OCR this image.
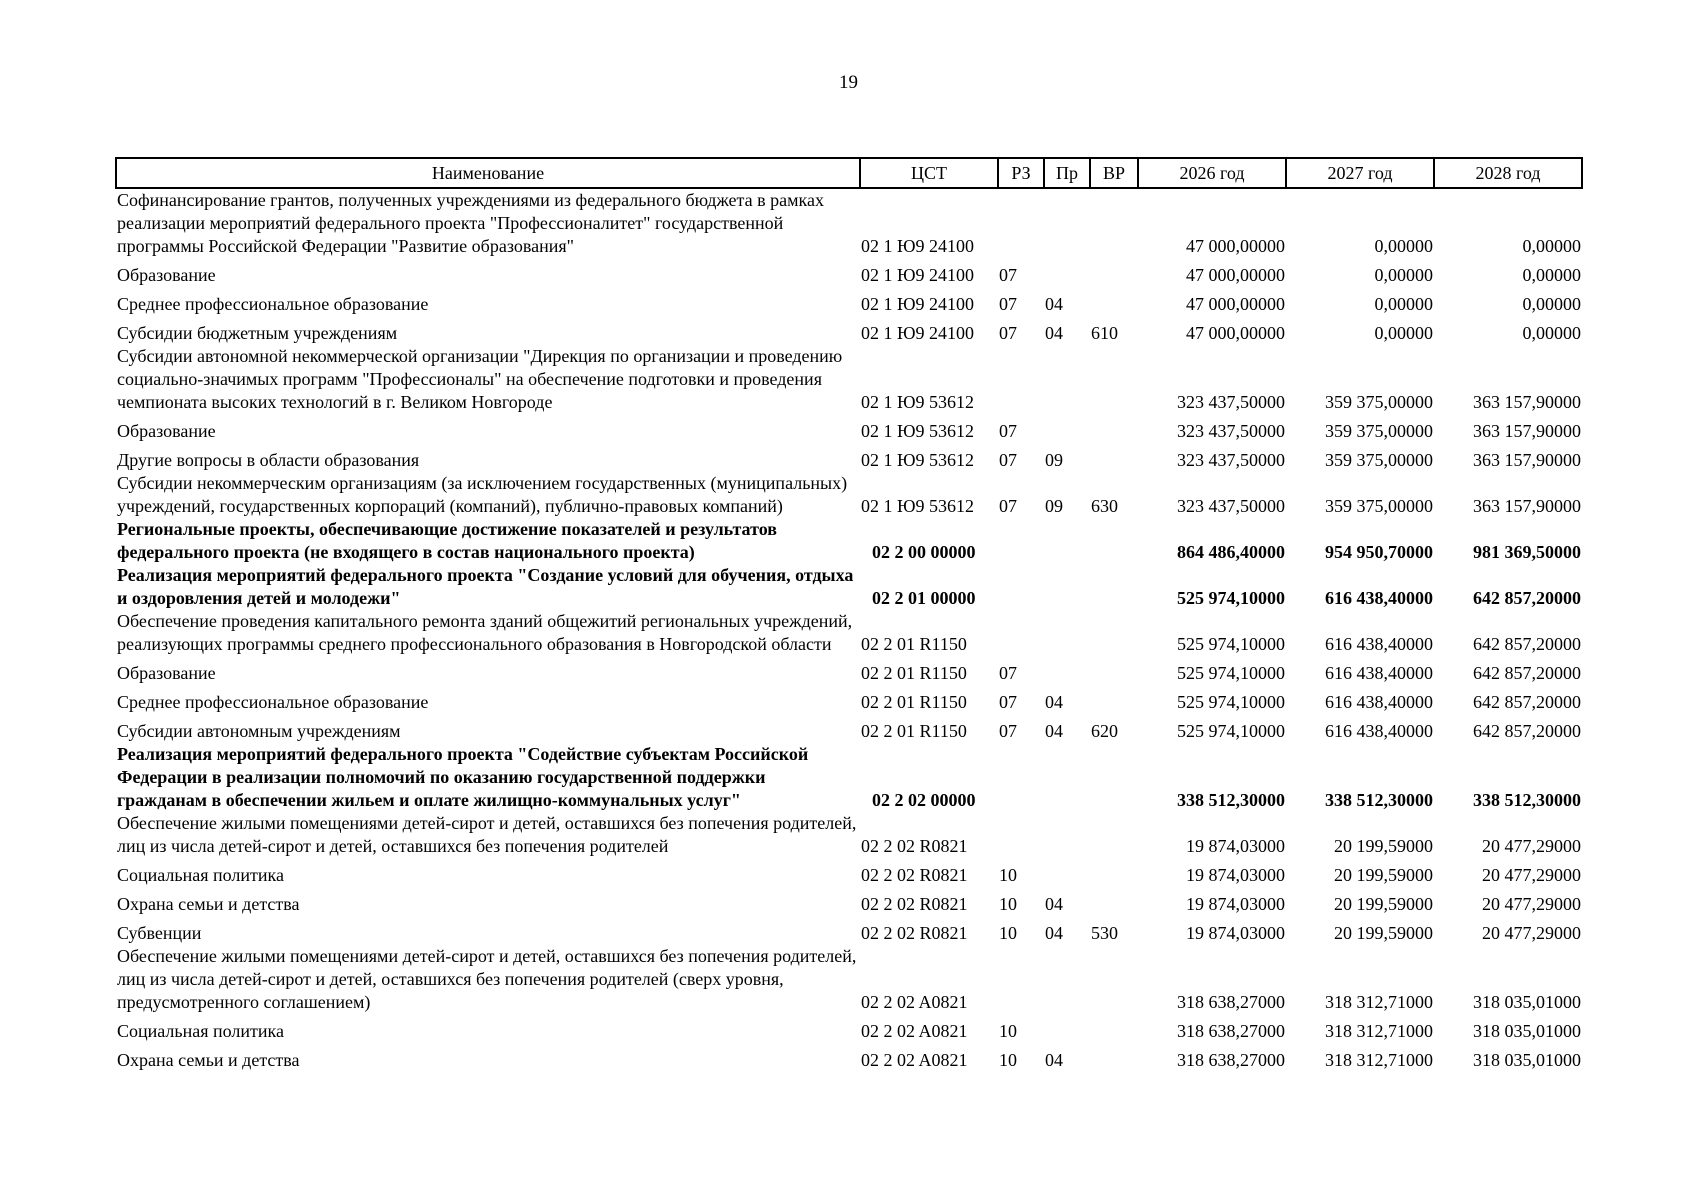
19
Наименование	ЦСТ	РЗ	Пр	ВР	2026 год	2027 год	2028 год
Софинансирование грантов, полученных учреждениями из федерального бюджета в рамках реализации мероприятий федерального проекта "Профессионалитет" государственной программы Российской Федерации "Развитие образования"	02 1 Ю9 24100				47 000,00000	0,00000	0,00000
Образование	02 1 Ю9 24100	07			47 000,00000	0,00000	0,00000
Среднее профессиональное образование	02 1 Ю9 24100	07	04		47 000,00000	0,00000	0,00000
Субсидии бюджетным учреждениям	02 1 Ю9 24100	07	04	610	47 000,00000	0,00000	0,00000
Субсидии автономной некоммерческой организации "Дирекция по организации и проведению социально-значимых программ "Профессионалы" на обеспечение подготовки и проведения чемпионата высоких технологий в г. Великом Новгороде	02 1 Ю9 53612				323 437,50000	359 375,00000	363 157,90000
Образование	02 1 Ю9 53612	07			323 437,50000	359 375,00000	363 157,90000
Другие вопросы в области образования	02 1 Ю9 53612	07	09		323 437,50000	359 375,00000	363 157,90000
Субсидии некоммерческим организациям (за исключением государственных (муниципальных) учреждений, государственных корпораций (компаний), публично-правовых компаний)	02 1 Ю9 53612	07	09	630	323 437,50000	359 375,00000	363 157,90000
Региональные проекты, обеспечивающие достижение показателей и результатов федерального проекта (не входящего в состав национального проекта)	02 2 00 00000				864 486,40000	954 950,70000	981 369,50000
Реализация мероприятий федерального проекта "Создание условий для обучения, отдыха и оздоровления детей и молодежи"	02 2 01 00000				525 974,10000	616 438,40000	642 857,20000
Обеспечение проведения капитального ремонта зданий общежитий региональных учреждений, реализующих программы среднего профессионального образования в Новгородской области	02 2 01 R1150				525 974,10000	616 438,40000	642 857,20000
Образование	02 2 01 R1150	07			525 974,10000	616 438,40000	642 857,20000
Среднее профессиональное образование	02 2 01 R1150	07	04		525 974,10000	616 438,40000	642 857,20000
Субсидии автономным учреждениям	02 2 01 R1150	07	04	620	525 974,10000	616 438,40000	642 857,20000
Реализация мероприятий федерального проекта "Содействие субъектам Российской Федерации в реализации полномочий по оказанию государственной поддержки гражданам в обеспечении жильем и оплате жилищно-коммунальных услуг"	02 2 02 00000				338 512,30000	338 512,30000	338 512,30000
Обеспечение жилыми помещениями детей-сирот и детей, оставшихся без попечения родителей, лиц из числа детей-сирот и детей, оставшихся без попечения родителей	02 2 02 R0821				19 874,03000	20 199,59000	20 477,29000
Социальная политика	02 2 02 R0821	10			19 874,03000	20 199,59000	20 477,29000
Охрана семьи и детства	02 2 02 R0821	10	04		19 874,03000	20 199,59000	20 477,29000
Субвенции	02 2 02 R0821	10	04	530	19 874,03000	20 199,59000	20 477,29000
Обеспечение жилыми помещениями детей-сирот и детей, оставшихся без попечения родителей, лиц из числа детей-сирот и детей, оставшихся без попечения родителей (сверх уровня, предусмотренного соглашением)	02 2 02 A0821				318 638,27000	318 312,71000	318 035,01000
Социальная политика	02 2 02 A0821	10			318 638,27000	318 312,71000	318 035,01000
Охрана семьи и детства	02 2 02 A0821	10	04		318 638,27000	318 312,71000	318 035,01000
